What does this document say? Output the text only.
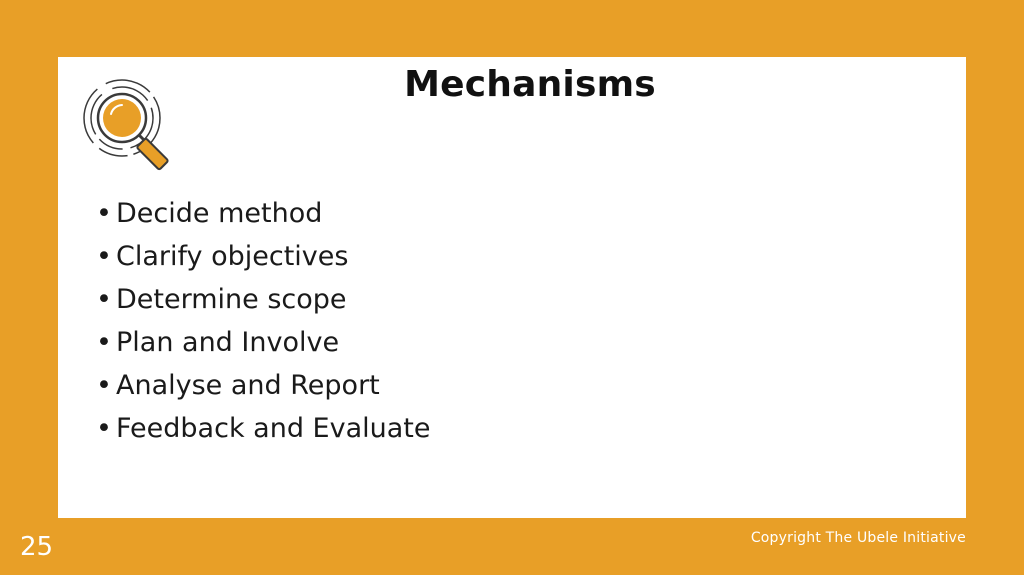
Mechanisms
• Decide method
• Clarify objectives
• Determine scope
• Plan and Involve
• Analyse and Report
• Feedback and Evaluate
25	Copyright The Ubele Initiative
